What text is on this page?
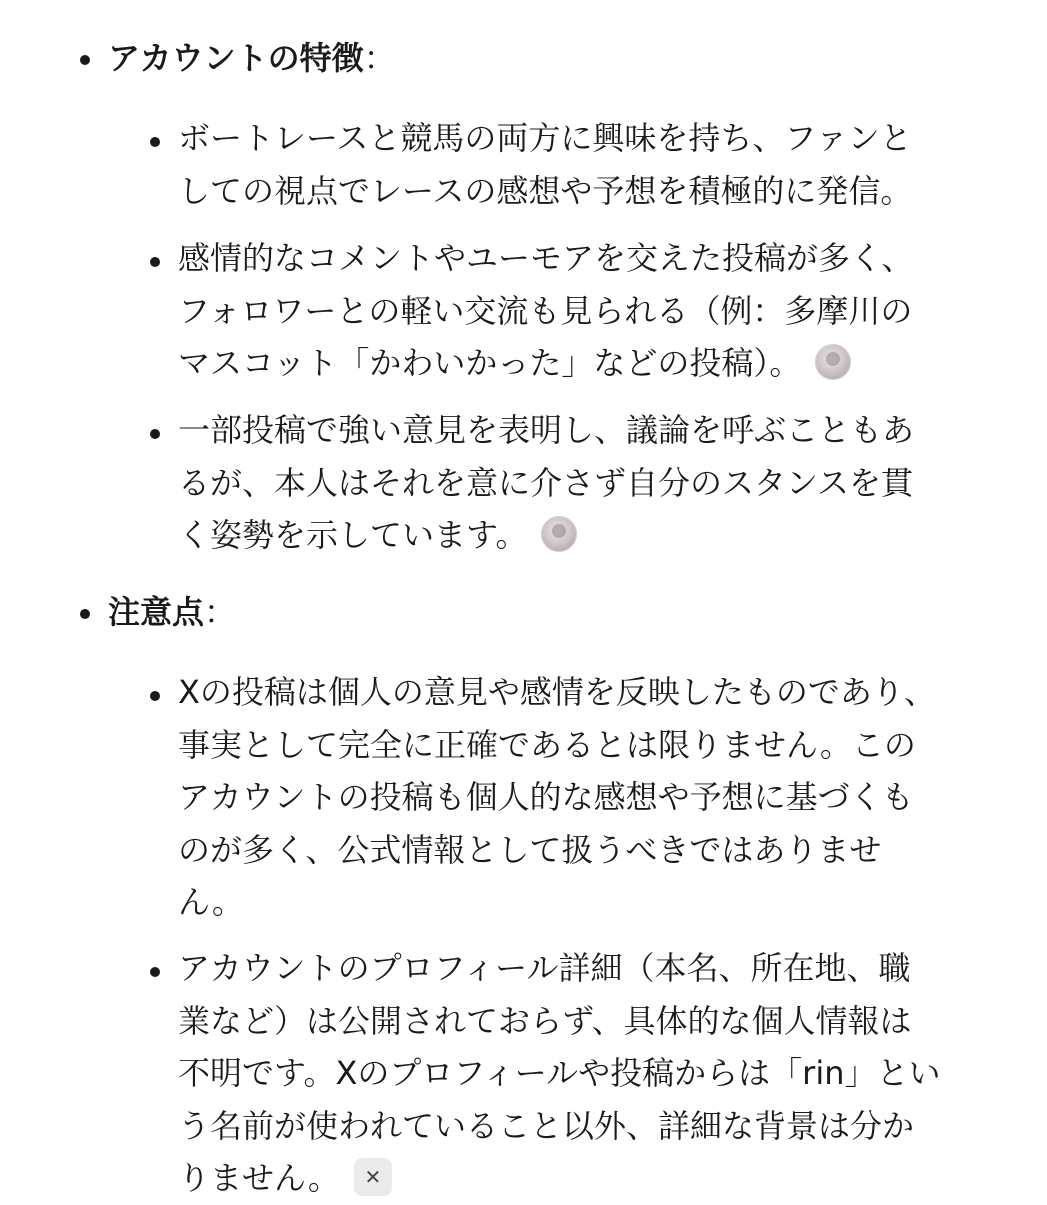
アカウントの特徴：
ボートレースと競馬の両方に興味を持ち、ファンと
しての視点でレースの感想や予想を積極的に発信。
感情的なコメントやユーモアを交えた投稿が多く、
フォロワーとの軽い交流も見られる（例：多摩川の
マスコット「かわいかった」などの投稿）。
一部投稿で強い意見を表明し、議論を呼ぶこともあ
るが、本人はそれを意に介さず自分のスタンスを貫
く姿勢を示しています。
注意点：
Xの投稿は個人の意見や感情を反映したものであり、
事実として完全に正確であるとは限りません。この
アカウントの投稿も個人的な感想や予想に基づくも
のが多く、公式情報として扱うべきではありませ
ん。
アカウントのプロフィール詳細（本名、所在地、職
業など）は公開されておらず、具体的な個人情報は
不明です。Xのプロフィールや投稿からは「rin」とい
う名前が使われていること以外、詳細な背景は分か
りません。 ✕
